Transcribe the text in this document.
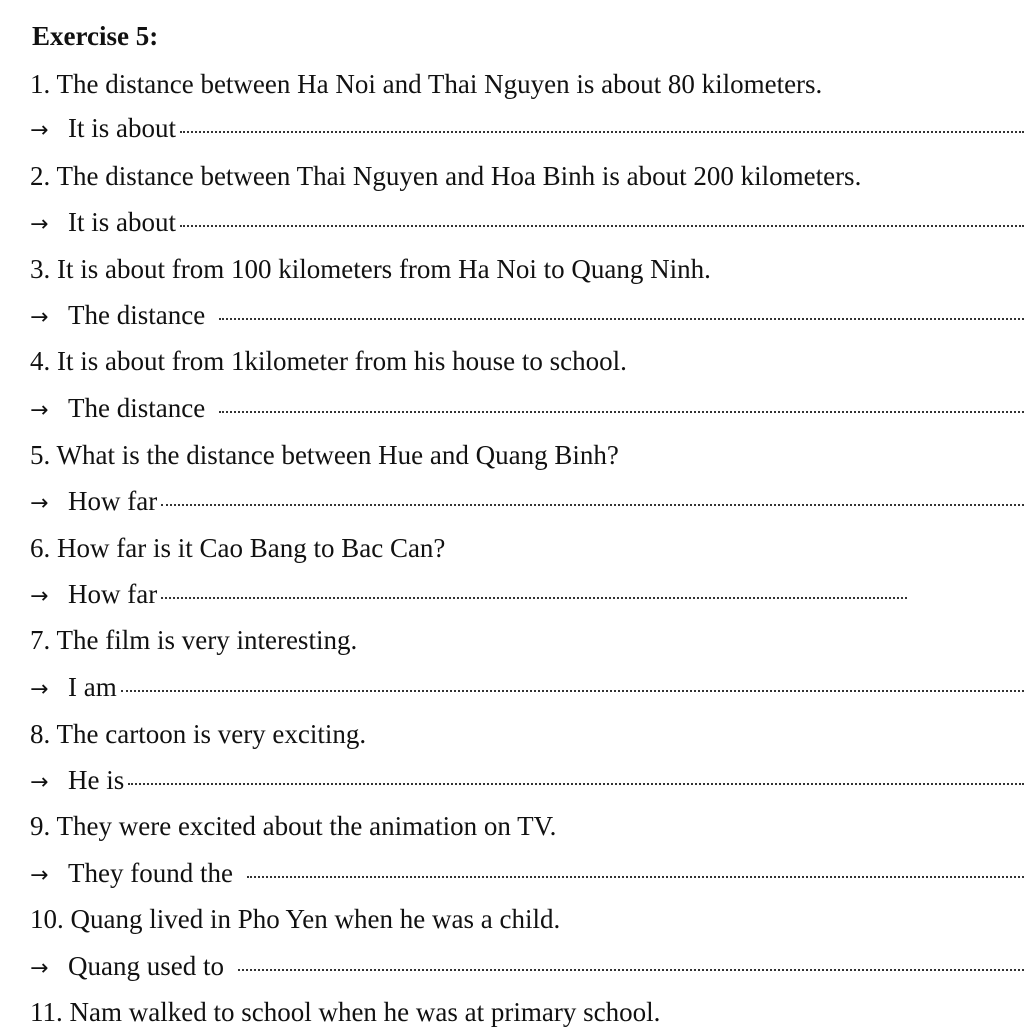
Exercise 5:
1. The distance between Ha Noi and Thai Nguyen is about 80 kilometers.
→ It is about
2. The distance between Thai Nguyen and Hoa Binh is about 200 kilometers.
→ It is about
3. It is about from 100 kilometers from Ha Noi to Quang Ninh.
→ The distance
4. It is about from 1kilometer from his house to school.
→ The distance
5. What is the distance between Hue and Quang Binh?
→ How far
6. How far is it Cao Bang to Bac Can?
→ How far
7. The film is very interesting.
→ I am
8. The cartoon is very exciting.
→ He is
9. They were excited about the animation on TV.
→ They found the
10. Quang lived in Pho Yen when he was a child.
→ Quang used to
11. Nam walked to school when he was at primary school.
